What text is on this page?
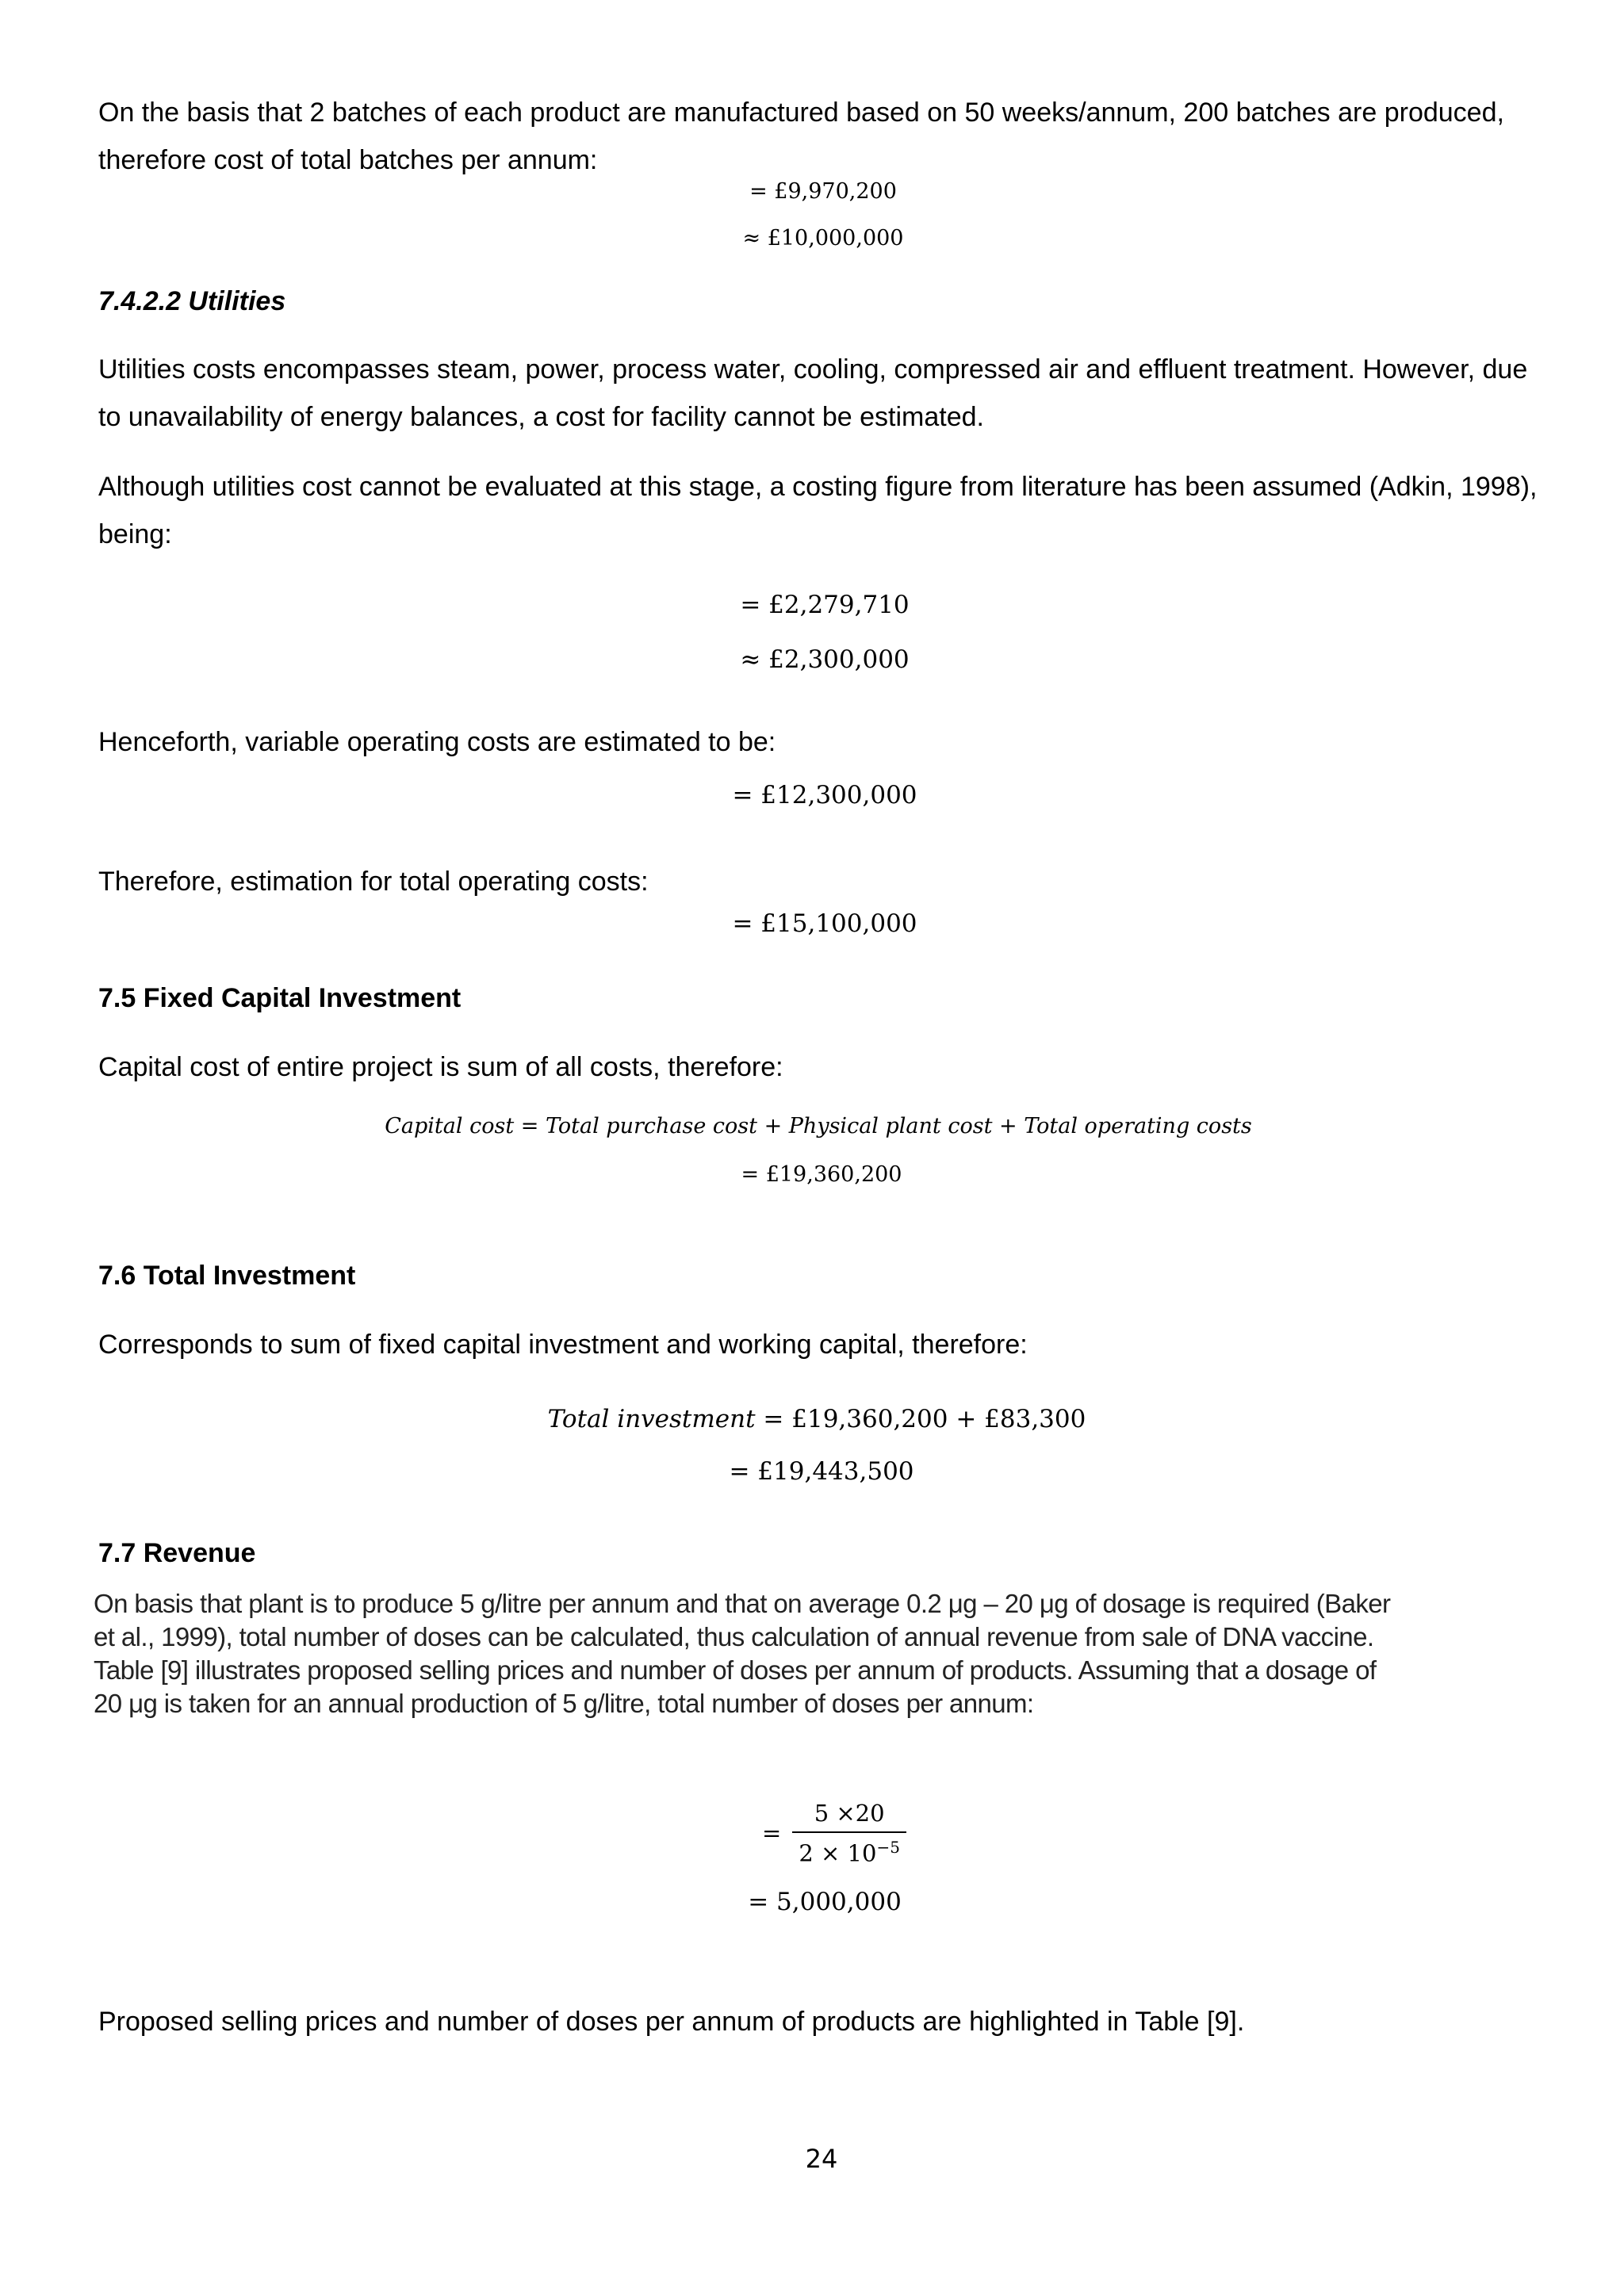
On the basis that 2 batches of each product are manufactured based on 50 weeks/annum, 200 batches are produced, therefore cost of total batches per annum:

= £9,970,200
≈ £10,000,000
7.4.2.2 Utilities

Utilities costs encompasses steam, power, process water, cooling, compressed air and effluent treatment. However, due to unavailability of energy balances, a cost for facility cannot be estimated.

Although utilities cost cannot be evaluated at this stage, a costing figure from literature has been assumed (Adkin, 1998), being:

= £2,279,710
≈ £2,300,000

Henceforth, variable operating costs are estimated to be:

= £12,300,000

Therefore, estimation for total operating costs:

= £15,100,000
7.5 Fixed Capital Investment

Capital cost of entire project is sum of all costs, therefore:

Capital cost = Total purchase cost + Physical plant cost + Total operating costs
= £19,360,200
7.6 Total Investment

Corresponds to sum of fixed capital investment and working capital, therefore:

Total investment = £19,360,200 + £83,300
= £19,443,500
7.7 Revenue
On basis that plant is to produce 5 g/litre per annum and that on average 0.2 μg – 20 μg of dosage is required (Baker
et al., 1999), total number of doses can be calculated, thus calculation of annual revenue from sale of DNA vaccine.
Table [9] illustrates proposed selling prices and number of doses per annum of products. Assuming that a dosage of
20 μg is taken for an annual production of 5 g/litre, total number of doses per annum:
= $\frac{5 \times 20}{2 \times 10^{-5}}$
= 5,000,000

Proposed selling prices and number of doses per annum of products are highlighted in Table [9].

24
